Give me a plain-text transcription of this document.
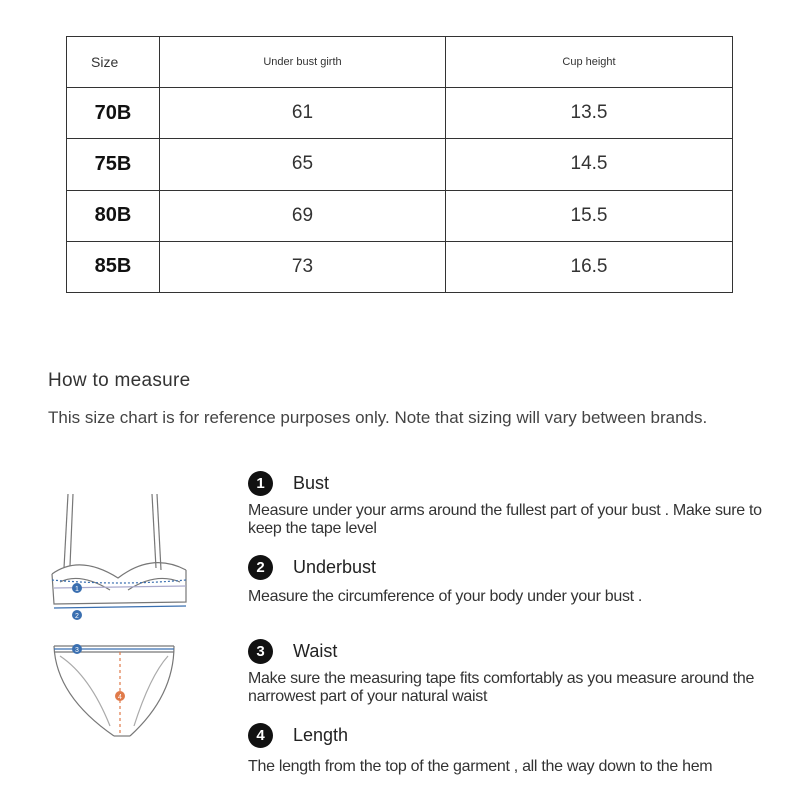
Size	Under bust girth	Cup height
70B	61	13.5
75B	65	14.5
80B	69	15.5
85B	73	16.5
How to measure
This size chart is for reference purposes only. Note that sizing will vary between brands.
1
2
3
4
1	Bust
Measure under your arms around the fullest part of your bust . Make sure to keep the tape level
2	Underbust
Measure the circumference of your body under your bust .
3	Waist
Make sure the measuring tape fits comfortably as you measure around the narrowest part of your natural waist
4	Length
The length from the top of the garment , all the way down to the hem
